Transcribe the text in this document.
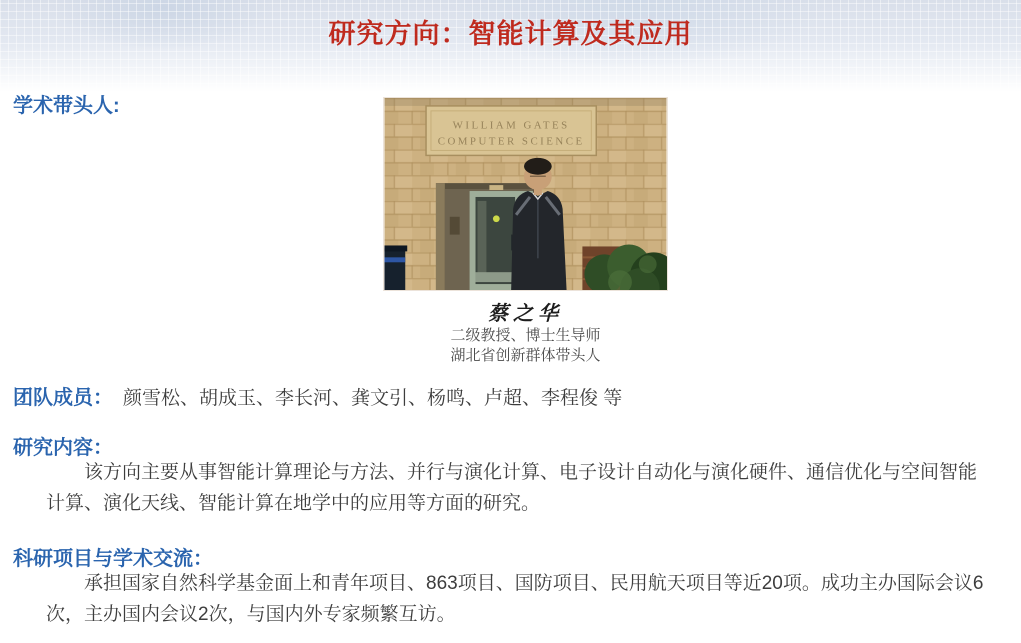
研究方向：智能计算及其应用
学术带头人:
WILLIAM GATES
COMPUTER SCIENCE
蔡之华
二级教授、博士生导师
湖北省创新群体带头人
团队成员： 颜雪松、胡成玉、李长河、龚文引、杨鸣、卢超、李程俊 等
研究内容：
该方向主要从事智能计算理论与方法、并行与演化计算、电子设计自动化与演化硬件、通信优化与空间智能计算、演化天线、智能计算在地学中的应用等方面的研究。
科研项目与学术交流：
承担国家自然科学基金面上和青年项目、863项目、国防项目、民用航天项目等近20项。成功主办国际会议6次，主办国内会议2次，与国内外专家频繁互访。
